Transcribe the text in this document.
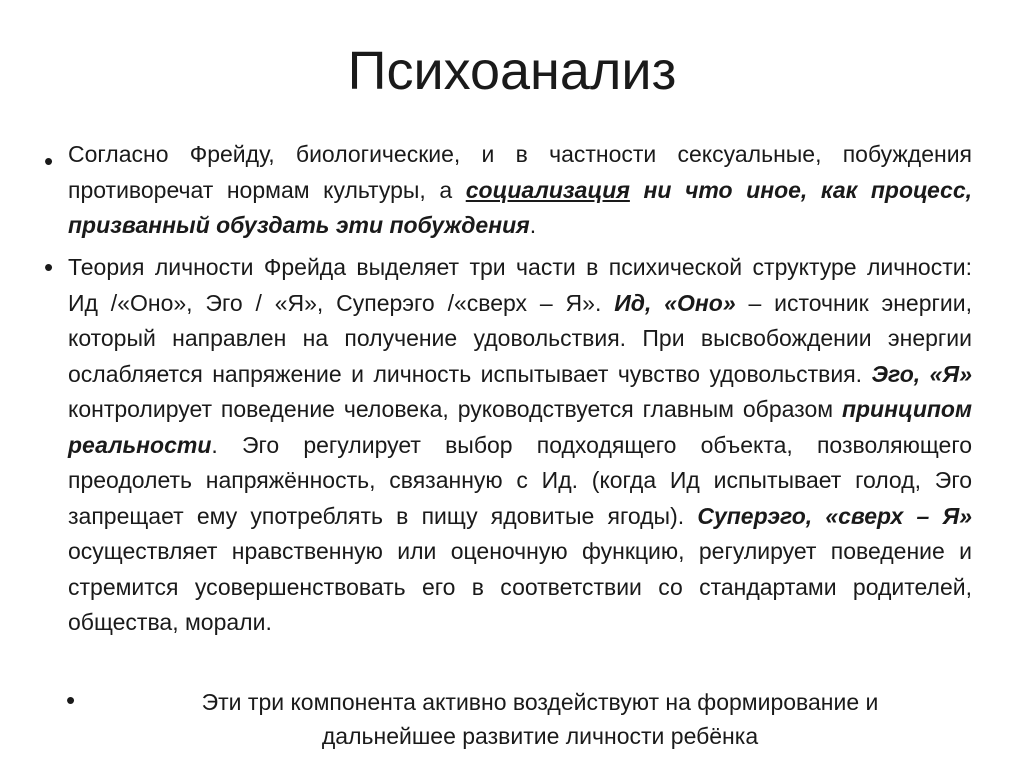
Психоанализ
• Согласно Фрейду, биологические, и в частности сексуальные, побуждения противоречат нормам культуры, а социализация ни что иное, как процесс, призванный обуздать эти побуждения.
• Теория личности Фрейда выделяет три части в психической структуре личности: Ид /«Оно», Эго / «Я», Суперэго /«сверх – Я». Ид, «Оно» – источник энергии, который направлен на получение удовольствия. При высвобождении энергии ослабляется напряжение и личность испытывает чувство удовольствия. Эго, «Я» контролирует поведение человека, руководствуется главным образом принципом реальности. Эго регулирует выбор подходящего объекта, позволяющего преодолеть напряжённость, связанную с Ид. (когда Ид испытывает голод, Эго запрещает ему употреблять в пищу ядовитые ягоды). Суперэго, «сверх – Я» осуществляет нравственную или оценочную функцию, регулирует поведение и стремится усовершенствовать его в соответствии со стандартами родителей, общества, морали.
•	Эти три компонента активно воздействуют на формирование и
дальнейшее развитие личности ребёнка
